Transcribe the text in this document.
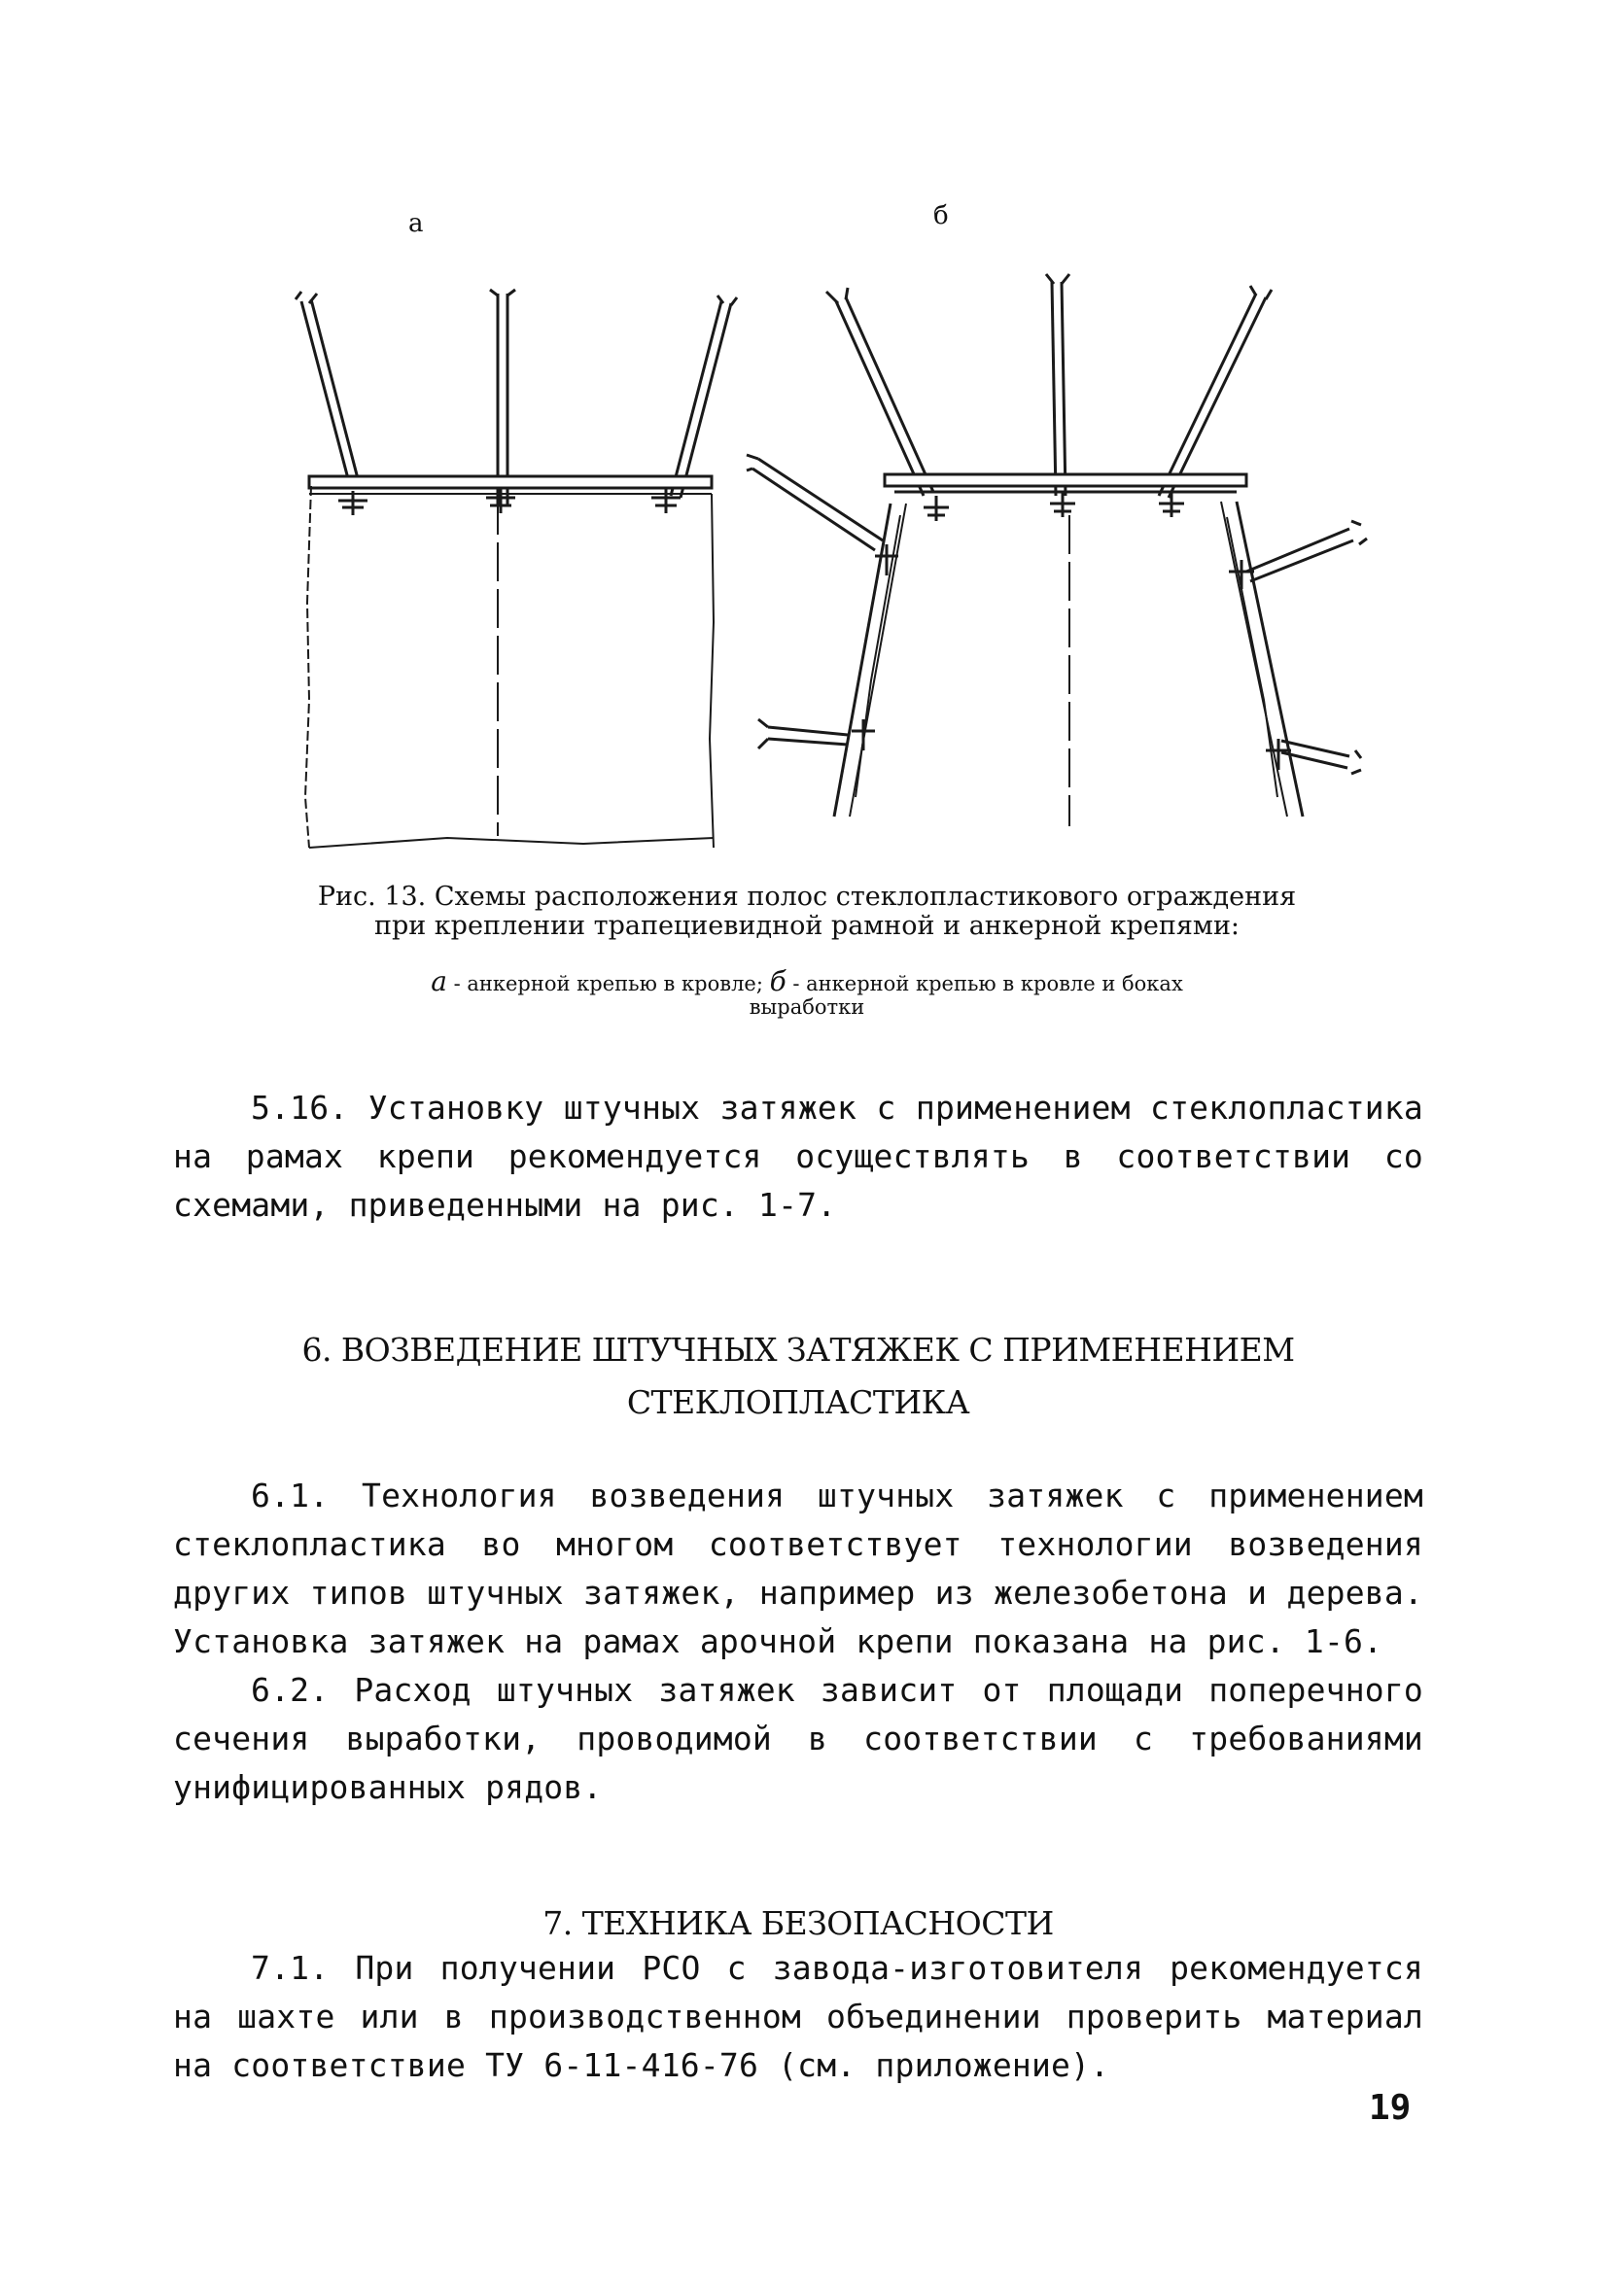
а	б
Рис. 13. Схемы расположения полос стеклопластикового ограждения
при креплении трапециевидной рамной и анкерной крепями:
а - анкерной крепью в кровле; б - анкерной крепью в кровле и боках
выработки

5.16. Установку штучных затяжек с применением стеклопластика на рамах крепи рекомендуется осуществлять в соответствии со схемами, приведенными на рис. 1-7.

6. ВОЗВЕДЕНИЕ ШТУЧНЫХ ЗАТЯЖЕК С ПРИМЕНЕНИЕМ
СТЕКЛОПЛАСТИКА

6.1. Технология возведения штучных затяжек с применением стеклопластика во многом соответствует технологии возведения других типов штучных затяжек, например из железобетона и дерева. Установка затяжек на рамах арочной крепи показана на рис. 1-6.

6.2. Расход штучных затяжек зависит от площади поперечного сечения выработки, проводимой в соответствии с требованиями унифицированных рядов.

7. ТЕХНИКА БЕЗОПАСНОСТИ

7.1. При получении РСО с завода-изготовителя рекомендуется на шахте или в производственном объединении проверить материал на соответствие ТУ 6-11-416-76 (см. приложение).

19
